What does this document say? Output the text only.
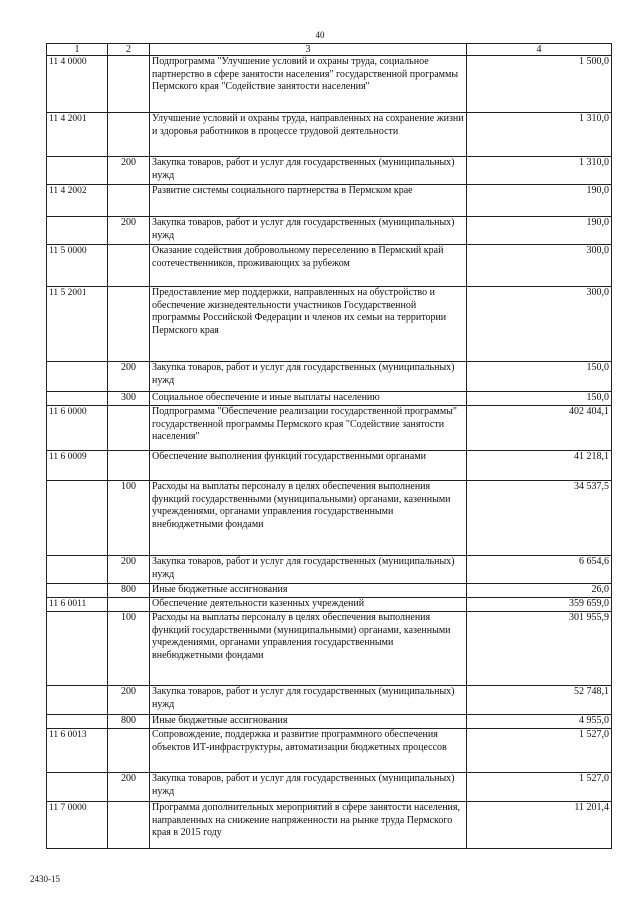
40
1	2	3	4
11 4 0000		Подпрограмма "Улучшение условий и охраны труда, социальное партнерство в сфере занятости населения" государственной программы Пермского края "Содействие занятости населения"	1 500,0
11 4 2001		Улучшение условий и охраны труда, направленных на сохранение жизни и здоровья работников в процессе трудовой деятельности	1 310,0
	200	Закупка товаров, работ и услуг для государственных (муниципальных) нужд	1 310,0
11 4 2002		Развитие системы социального партнерства в Пермском крае	190,0
	200	Закупка товаров, работ и услуг для государственных (муниципальных) нужд	190,0
11 5 0000		Оказание содействия добровольному переселению в Пермский край соотечественников, проживающих за рубежом	300,0
11 5 2001		Предоставление мер поддержки, направленных на обустройство и обеспечение жизнедеятельности участников Государственной программы Российской Федерации и членов их семьи на территории Пермского края	300,0
	200	Закупка товаров, работ и услуг для государственных (муниципальных) нужд	150,0
	300	Социальное обеспечение и иные выплаты населению	150,0
11 6 0000		Подпрограмма "Обеспечение реализации государственной программы" государственной программы Пермского края "Содействие занятости населения"	402 404,1
11 6 0009		Обеспечение выполнения функций государственными органами	41 218,1
	100	Расходы на выплаты персоналу в целях обеспечения выполнения функций государственными (муниципальными) органами, казенными учреждениями, органами управления государственными внебюджетными фондами	34 537,5
	200	Закупка товаров, работ и услуг для государственных (муниципальных) нужд	6 654,6
	800	Иные бюджетные ассигнования	26,0
11 6 0011		Обеспечение деятельности казенных учреждений	359 659,0
	100	Расходы на выплаты персоналу в целях обеспечения выполнения функций государственными (муниципальными) органами, казенными учреждениями, органами управления государственными внебюджетными фондами	301 955,9
	200	Закупка товаров, работ и услуг для государственных (муниципальных) нужд	52 748,1
	800	Иные бюджетные ассигнования	4 955,0
11 6 0013		Сопровождение, поддержка и развитие программного обеспечения объектов ИТ-инфраструктуры, автоматизации бюджетных процессов	1 527,0
	200	Закупка товаров, работ и услуг для государственных (муниципальных) нужд	1 527,0
11 7 0000		Программа дополнительных мероприятий в сфере занятости населения, направленных на снижение напряженности на рынке труда Пермского края в 2015 году	11 201,4
2430-15
